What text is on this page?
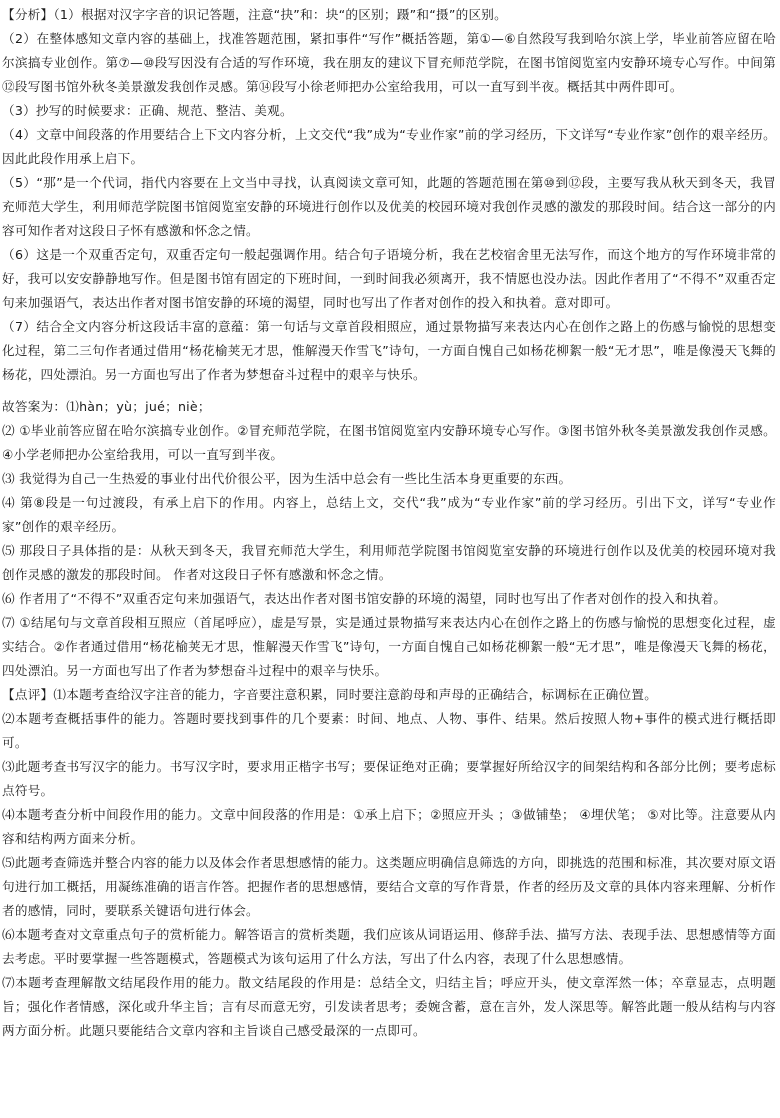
【分析】（1）根据对汉字字音的识记答题，注意“抉”和：块“的区别；蹑”和“摄”的区别。

（2）在整体感知文章内容的基础上，找准答题范围，紧扣事件“写作”概括答题，第①—⑥自然段写我到哈尔滨上学，毕业前答应留在哈尔滨搞专业创作。第⑦—⑩段写因没有合适的写作环境，我在朋友的建议下冒充师范学院，在图书馆阅览室内安静环境专心写作。中间第⑫段写图书馆外秋冬美景激发我创作灵感。第⑭段写小徐老师把办公室给我用，可以一直写到半夜。概括其中两件即可。

（3）抄写的时候要求：正确、规范、整洁、美观。

（4）文章中间段落的作用要结合上下文内容分析，上文交代“我”成为“专业作家”前的学习经历，下文详写“专业作家”创作的艰辛经历。因此此段作用承上启下。

（5）“那”是一个代词，指代内容要在上文当中寻找，认真阅读文章可知，此题的答题范围在第⑩到⑫段，主要写我从秋天到冬天，我冒充师范大学生，利用师范学院图书馆阅览室安静的环境进行创作以及优美的校园环境对我创作灵感的激发的那段时间。结合这一部分的内容可知作者对这段日子怀有感激和怀念之情。

（6）这是一个双重否定句，双重否定句一般起强调作用。结合句子语境分析，我在艺校宿舍里无法写作，而这个地方的写作环境非常的好，我可以安安静静地写作。但是图书馆有固定的下班时间，一到时间我必须离开，我不情愿也没办法。因此作者用了“不得不”双重否定句来加强语气，表达出作者对图书馆安静的环境的渴望，同时也写出了作者对创作的投入和执着。意对即可。

（7）结合全文内容分析这段话丰富的意蕴：第一句话与文章首段相照应，通过景物描写来表达内心在创作之路上的伤感与愉悦的思想变化过程，第二三句作者通过借用“杨花榆荚无才思，惟解漫天作雪飞”诗句，一方面自愧自己如杨花柳絮一般“无才思”，唯是像漫天飞舞的杨花，四处漂泊。另一方面也写出了作者为梦想奋斗过程中的艰辛与快乐。

故答案为：⑴hàn；yù；jué；niè；

⑵ ①毕业前答应留在哈尔滨搞专业创作。②冒充师范学院，在图书馆阅览室内安静环境专心写作。③图书馆外秋冬美景激发我创作灵感。④小学老师把办公室给我用，可以一直写到半夜。

⑶ 我觉得为自己一生热爱的事业付出代价很公平，因为生活中总会有一些比生活本身更重要的东西。

⑷ 第⑧段是一句过渡段，有承上启下的作用。内容上，总结上文，交代“我”成为“专业作家”前的学习经历。引出下文，详写“专业作家”创作的艰辛经历。

⑸ 那段日子具体指的是：从秋天到冬天，我冒充师范大学生，利用师范学院图书馆阅览室安静的环境进行创作以及优美的校园环境对我创作灵感的激发的那段时间。 作者对这段日子怀有感激和怀念之情。

⑹ 作者用了“不得不”双重否定句来加强语气，表达出作者对图书馆安静的环境的渴望，同时也写出了作者对创作的投入和执着。

⑺ ①结尾句与文章首段相互照应（首尾呼应），虚是写景，实是通过景物描写来表达内心在创作之路上的伤感与愉悦的思想变化过程，虚实结合。②作者通过借用“杨花榆荚无才思，惟解漫天作雪飞”诗句，一方面自愧自己如杨花柳絮一般“无才思”，唯是像漫天飞舞的杨花，四处漂泊。另一方面也写出了作者为梦想奋斗过程中的艰辛与快乐。

【点评】⑴本题考查给汉字注音的能力，字音要注意积累，同时要注意韵母和声母的正确结合，标调标在正确位置。

⑵本题考查概括事件的能力。答题时要找到事件的几个要素：时间、地点、人物、事件、结果。然后按照人物+事件的模式进行概括即可。

⑶此题考查书写汉字的能力。书写汉字时，要求用正楷字书写；要保证绝对正确；要掌握好所给汉字的间架结构和各部分比例；要考虑标点符号。

⑷本题考查分析中间段作用的能力。文章中间段落的作用是：①承上启下；②照应开头 ；③做铺垫； ④埋伏笔； ⑤对比等。注意要从内容和结构两方面来分析。

⑸此题考查筛选并整合内容的能力以及体会作者思想感情的能力。这类题应明确信息筛选的方向，即挑选的范围和标准，其次要对原文语句进行加工概括，用凝练准确的语言作答。把握作者的思想感情，要结合文章的写作背景，作者的经历及文章的具体内容来理解、分析作者的感情，同时，要联系关键语句进行体会。

⑹本题考查对文章重点句子的赏析能力。解答语言的赏析类题，我们应该从词语运用、修辞手法、描写方法、表现手法、思想感情等方面去考虑。平时要掌握一些答题模式，答题模式为该句运用了什么方法，写出了什么内容，表现了什么思想感情。

⑺本题考查理解散文结尾段作用的能力。散文结尾段的作用是：总结全文，归结主旨；呼应开头，使文章浑然一体；卒章显志，点明题旨；强化作者情感，深化或升华主旨；言有尽而意无穷，引发读者思考；委婉含蓄，意在言外，发人深思等。解答此题一般从结构与内容两方面分析。此题只要能结合文章内容和主旨谈自己感受最深的一点即可。
